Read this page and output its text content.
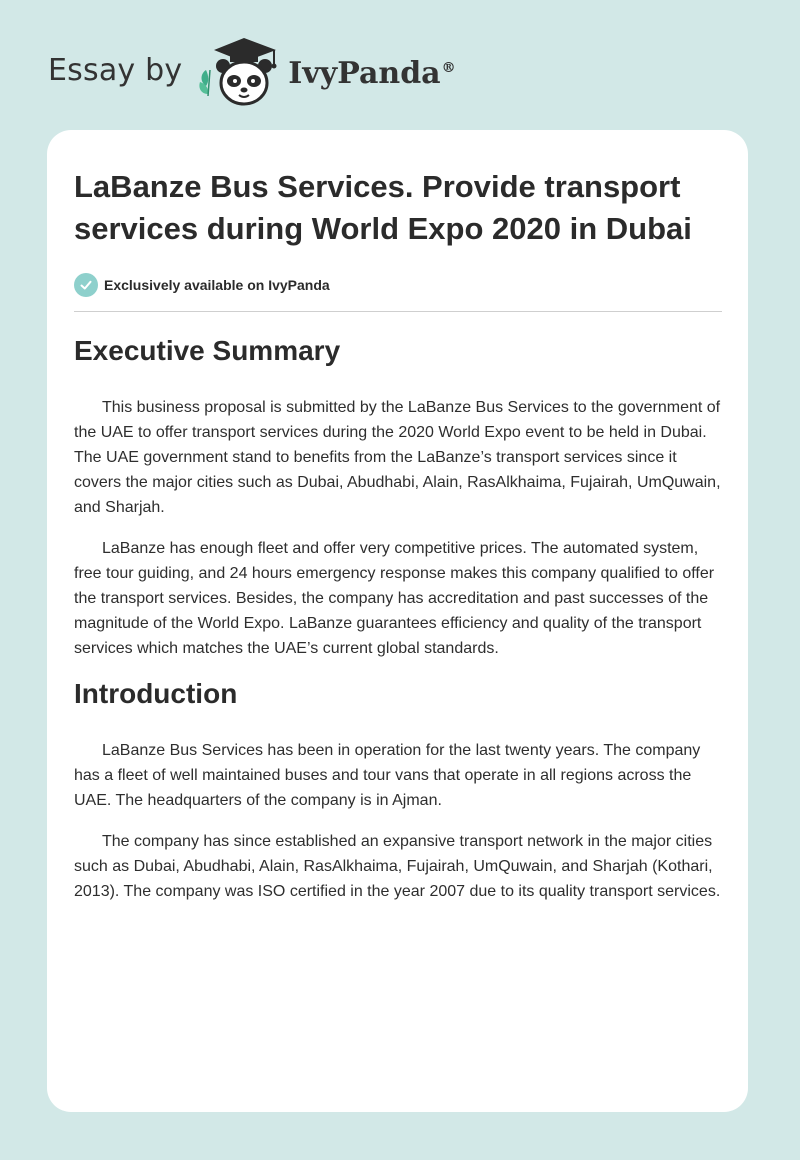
Essay by	IvyPanda®
LaBanze Bus Services. Provide transport services during World Expo 2020 in Dubai
Exclusively available on IvyPanda
Executive Summary

This business proposal is submitted by the LaBanze Bus Services to the government of the UAE to offer transport services during the 2020 World Expo event to be held in Dubai. The UAE government stand to benefits from the LaBanze’s transport services since it covers the major cities such as Dubai, Abudhabi, Alain, RasAlkhaima, Fujairah, UmQuwain, and Sharjah.

LaBanze has enough fleet and offer very competitive prices. The automated system, free tour guiding, and 24 hours emergency response makes this company qualified to offer the transport services. Besides, the company has accreditation and past successes of the magnitude of the World Expo. LaBanze guarantees efficiency and quality of the transport services which matches the UAE’s current global standards.

Introduction

LaBanze Bus Services has been in operation for the last twenty years. The company has a fleet of well maintained buses and tour vans that operate in all regions across the UAE. The headquarters of the company is in Ajman.

The company has since established an expansive transport network in the major cities such as Dubai, Abudhabi, Alain, RasAlkhaima, Fujairah, UmQuwain, and Sharjah (Kothari, 2013). The company was ISO certified in the year 2007 due to its quality transport services.
